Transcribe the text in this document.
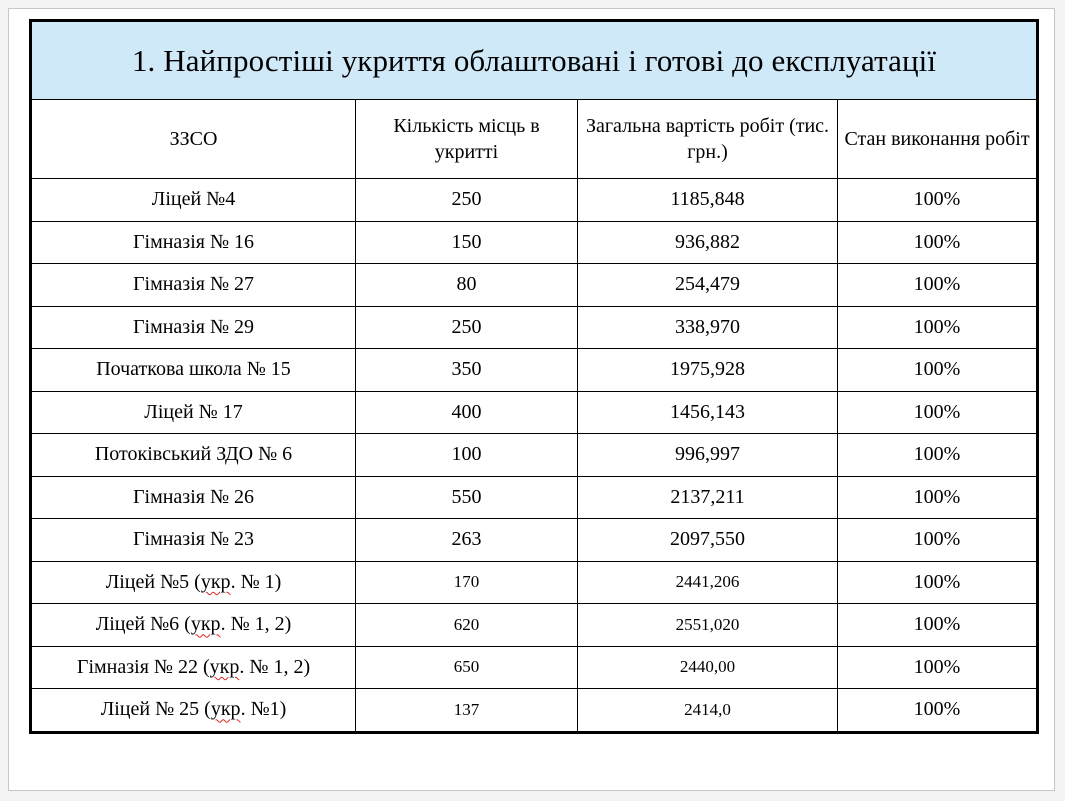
1. Найпростіші укриття облаштовані і готові до експлуатації			
ЗЗСО	Кількість місць в укритті	Загальна вартість робіт (тис. грн.)	Стан виконання робіт
Ліцей №4	250	1185,848	100%
Гімназія № 16	150	936,882	100%
Гімназія № 27	80	254,479	100%
Гімназія № 29	250	338,970	100%
Початкова школа № 15	350	1975,928	100%
Ліцей № 17	400	1456,143	100%
Потоківський ЗДО № 6	100	996,997	100%
Гімназія № 26	550	2137,211	100%
Гімназія № 23	263	2097,550	100%
Ліцей №5 (укр. № 1)	170	2441,206	100%
Ліцей №6 (укр. № 1, 2)	620	2551,020	100%
Гімназія № 22 (укр. № 1, 2)	650	2440,00	100%
Ліцей № 25 (укр. №1)	137	2414,0	100%
